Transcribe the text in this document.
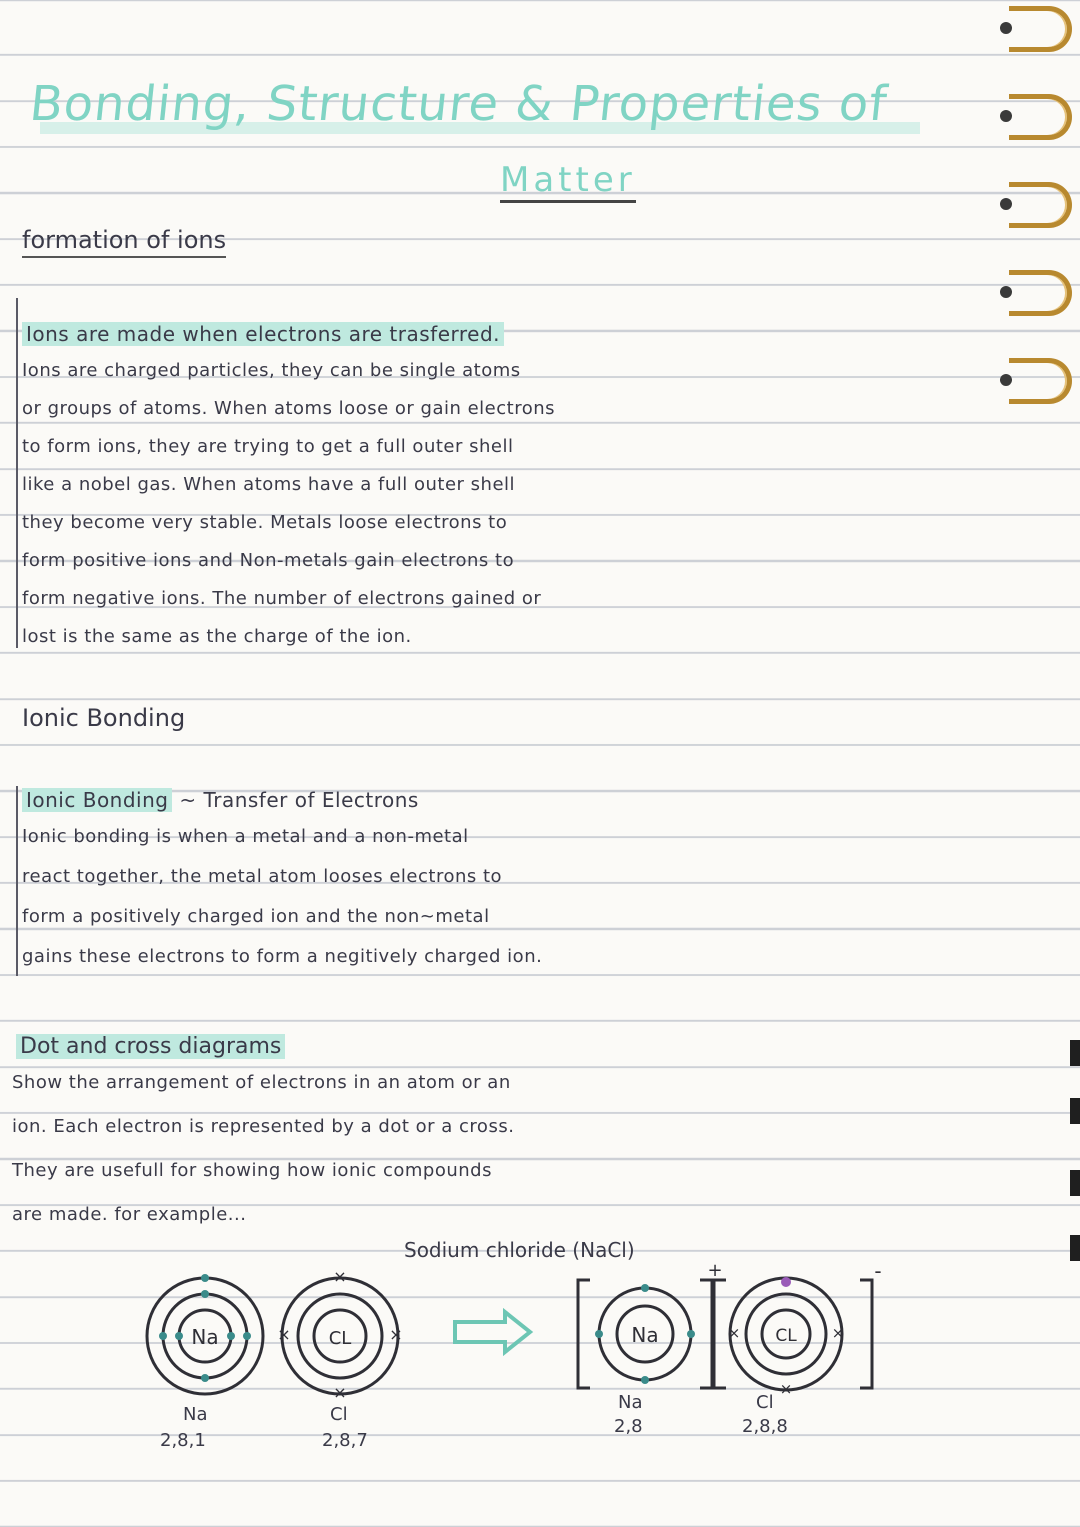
Bonding, Structure & Properties of
Matter
formation of ions

Ions are made when electrons are trasferred.

Ions are charged particles, they can be single atoms

or groups of atoms. When atoms loose or gain electrons

to form ions, they are trying to get a full outer shell

like a nobel gas. When atoms have a full outer shell

they become very stable. Metals loose electrons to

form positive ions and Non-metals gain electrons to

form negative ions. The number of electrons gained or

lost is the same as the charge of the ion.

Ionic Bonding

Ionic Bonding ~ Transfer of Electrons

Ionic bonding is when a metal and a non-metal

react together, the metal atom looses electrons to

form a positively charged ion and the non~metal

gains these electrons to form a negitively charged ion.

Dot and cross diagrams

Show the arrangement of electrons in an atom or an

ion. Each electron is represented by a dot or a cross.

They are usefull for showing how ionic compounds

are made. for example...

Sodium chloride (NaCl)

Na	CL
×
×
×	×	Na
+
CL
-
×
×	×

Na

2,8,1

Cl

2,8,7

Na

2,8

Cl

2,8,8
